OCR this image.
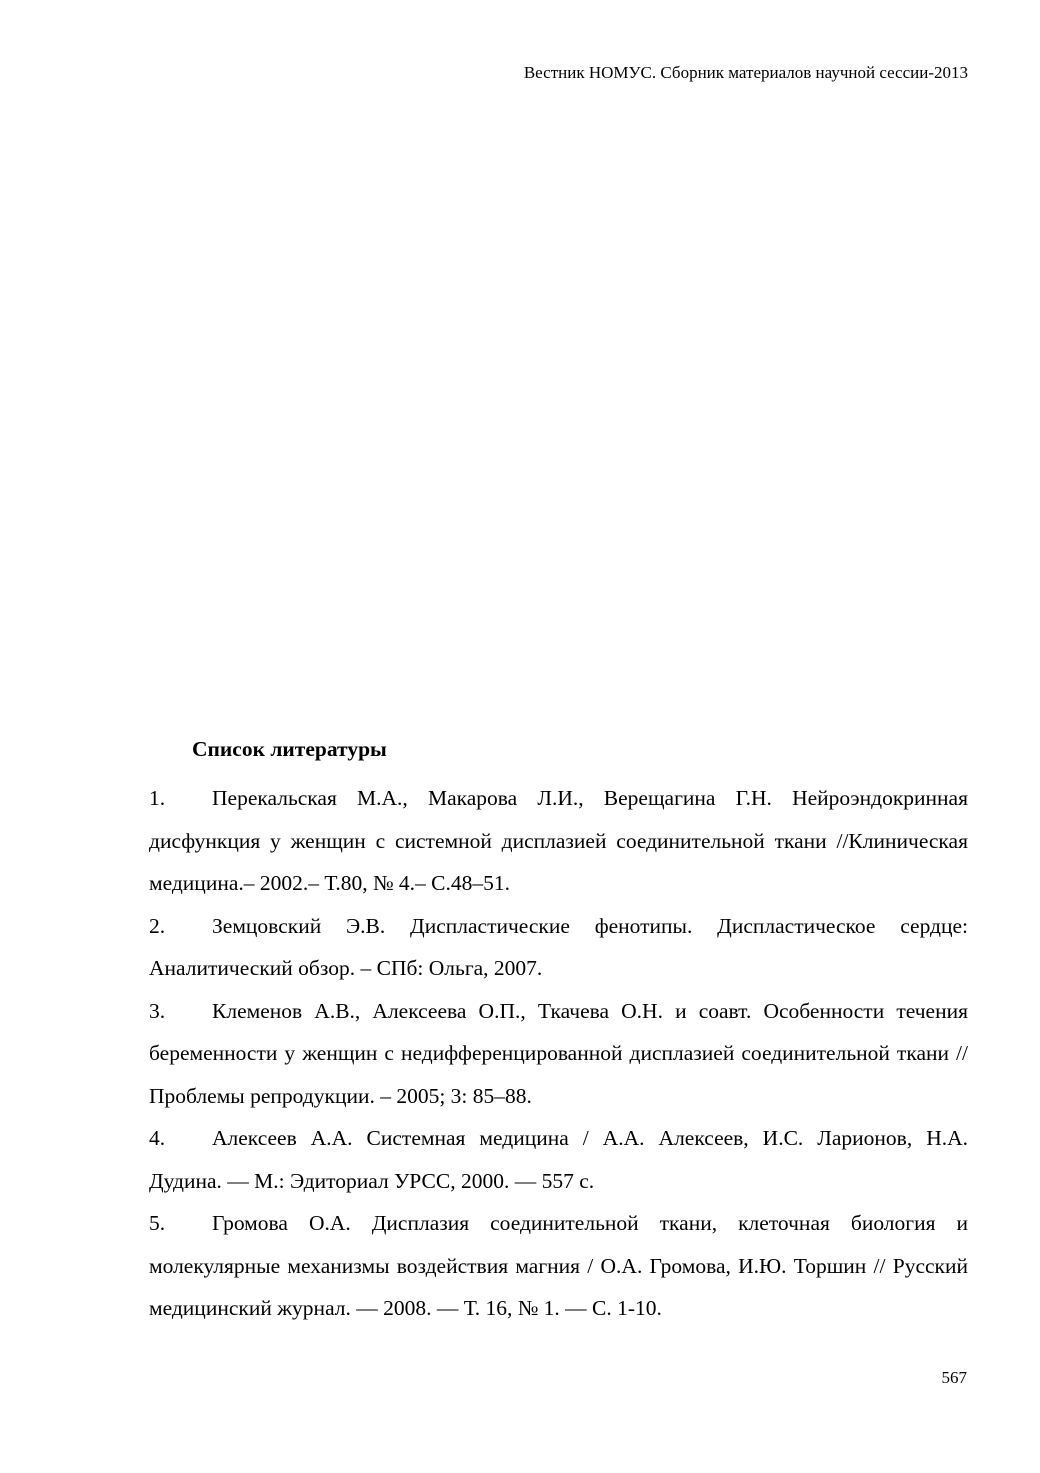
Вестник НОМУС. Сборник материалов научной сессии-2013

Список литературы

1. Перекальская М.А., Макарова Л.И., Верещагина Г.Н. Нейроэндокринная дисфункция у женщин с системной дисплазией соединительной ткани //Клиническая медицина.– 2002.– Т.80, № 4.– С.48–51.

2. Земцовский Э.В. Диспластические фенотипы. Диспластическое сердце: Аналитический обзор. – СПб: Ольга, 2007.

3. Клеменов А.В., Алексеева О.П., Ткачева О.Н. и соавт. Особенности течения беременности у женщин с недифференцированной дисплазией соединительной ткани // Проблемы репродукции. – 2005; 3: 85–88.

4. Алексеев А.А. Системная медицина / А.А. Алексеев, И.С. Ларионов, Н.А. Дудина. — М.: Эдиториал УРСС, 2000. — 557 с.

5. Громова О.А. Дисплазия соединительной ткани, клеточная биология и молекулярные механизмы воздействия магния / О.А. Громова, И.Ю. Торшин // Русский медицинский журнал. — 2008. — Т. 16, № 1. — С. 1-10.

567
